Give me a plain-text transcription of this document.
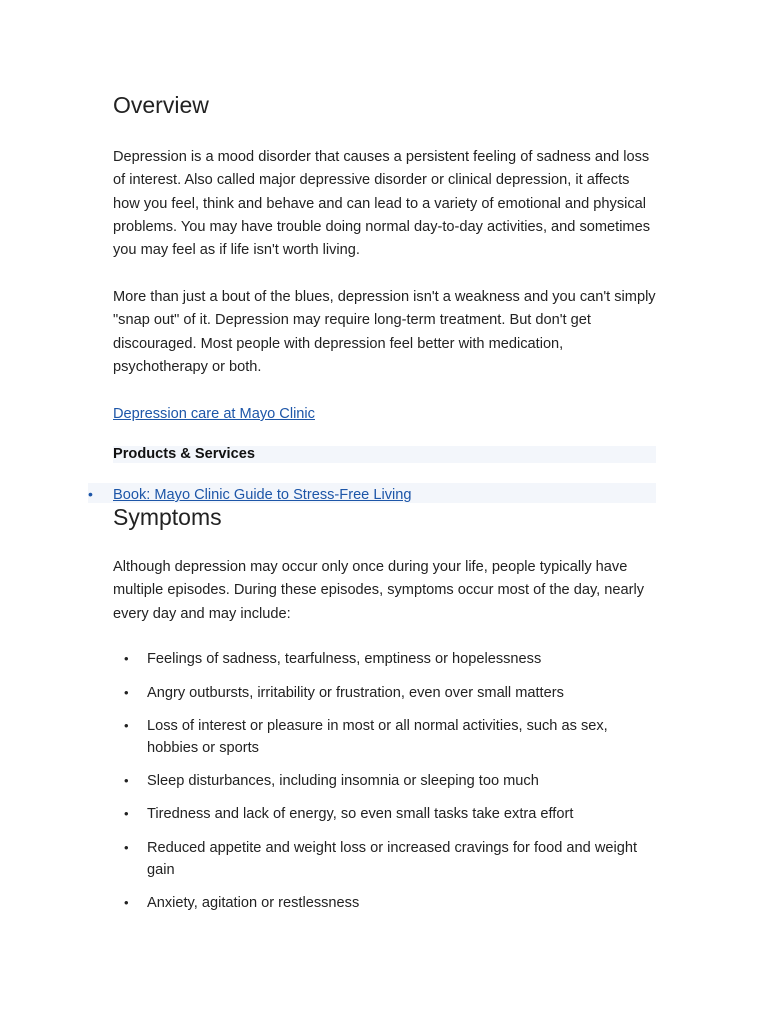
Overview

Depression is a mood disorder that causes a persistent feeling of sadness and loss of interest. Also called major depressive disorder or clinical depression, it affects how you feel, think and behave and can lead to a variety of emotional and physical problems. You may have trouble doing normal day-to-day activities, and sometimes you may feel as if life isn't worth living.

More than just a bout of the blues, depression isn't a weakness and you can't simply "snap out" of it. Depression may require long-term treatment. But don't get discouraged. Most people with depression feel better with medication, psychotherapy or both.

Depression care at Mayo Clinic
Products & Services
• Book: Mayo Clinic Guide to Stress-Free Living
Symptoms

Although depression may occur only once during your life, people typically have multiple episodes. During these episodes, symptoms occur most of the day, nearly every day and may include:

•	Feelings of sadness, tearfulness, emptiness or hopelessness
•	Angry outbursts, irritability or frustration, even over small matters
•	Loss of interest or pleasure in most or all normal activities, such as sex, hobbies or sports
•	Sleep disturbances, including insomnia or sleeping too much
•	Tiredness and lack of energy, so even small tasks take extra effort
•	Reduced appetite and weight loss or increased cravings for food and weight gain
•	Anxiety, agitation or restlessness
